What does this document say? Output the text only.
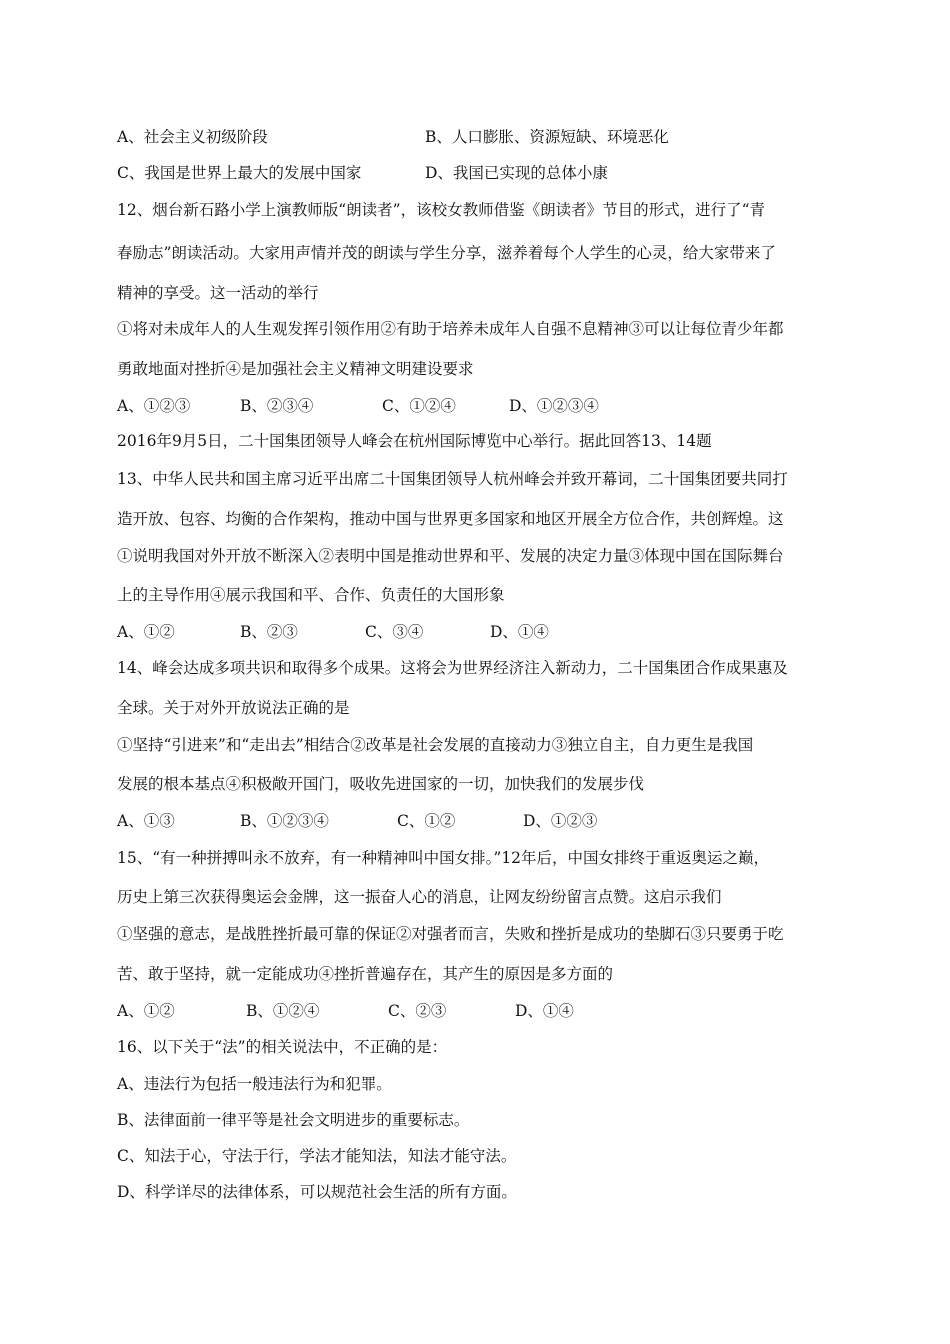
A、社会主义初级阶段	B、人口膨胀、资源短缺、环境恶化
C、我国是世界上最大的发展中国家	D、我国已实现的总体小康
12、烟台新石路小学上演教师版“朗读者”，该校女教师借鉴《朗读者》节目的形式，进行了“青
春励志”朗读活动。大家用声情并茂的朗读与学生分享，滋养着每个人学生的心灵，给大家带来了
精神的享受。这一活动的举行
①将对未成年人的人生观发挥引领作用②有助于培养未成年人自强不息精神③可以让每位青少年都
勇敢地面对挫折④是加强社会主义精神文明建设要求
A、①②③	B、②③④	C、①②④	D、①②③④
2016年9月5日，二十国集团领导人峰会在杭州国际博览中心举行。据此回答13、14题
13、中华人民共和国主席习近平出席二十国集团领导人杭州峰会并致开幕词，二十国集团要共同打
造开放、包容、均衡的合作架构，推动中国与世界更多国家和地区开展全方位合作，共创辉煌。这
①说明我国对外开放不断深入②表明中国是推动世界和平、发展的决定力量③体现中国在国际舞台
上的主导作用④展示我国和平、合作、负责任的大国形象
A、①②	B、②③	C、③④	D、①④
14、峰会达成多项共识和取得多个成果。这将会为世界经济注入新动力，二十国集团合作成果惠及
全球。关于对外开放说法正确的是
①坚持“引进来”和“走出去”相结合②改革是社会发展的直接动力③独立自主，自力更生是我国
发展的根本基点④积极敞开国门，吸收先进国家的一切，加快我们的发展步伐
A、①③	B、①②③④	C、①②	D、①②③
15、“有一种拼搏叫永不放弃，有一种精神叫中国女排。”12年后，中国女排终于重返奥运之巅，
历史上第三次获得奥运会金牌，这一振奋人心的消息，让网友纷纷留言点赞。这启示我们
①坚强的意志，是战胜挫折最可靠的保证②对强者而言，失败和挫折是成功的垫脚石③只要勇于吃
苦、敢于坚持，就一定能成功④挫折普遍存在，其产生的原因是多方面的
A、①②	B、①②④	C、②③	D、①④
16、以下关于“法”的相关说法中，不正确的是：
A、违法行为包括一般违法行为和犯罪。
B、法律面前一律平等是社会文明进步的重要标志。
C、知法于心，守法于行，学法才能知法，知法才能守法。
D、科学详尽的法律体系，可以规范社会生活的所有方面。
